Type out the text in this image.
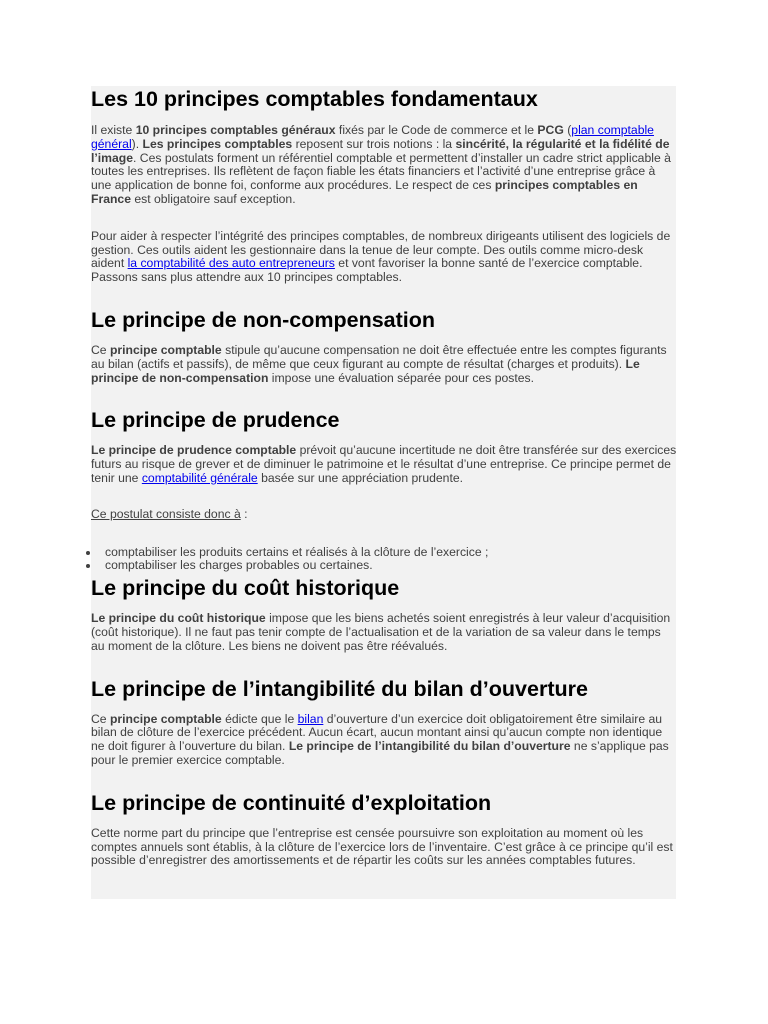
Les 10 principes comptables fondamentaux

Il existe 10 principes comptables généraux fixés par le Code de commerce et le PCG (plan comptable général). Les principes comptables reposent sur trois notions : la sincérité, la régularité et la fidélité de l’image. Ces postulats forment un référentiel comptable et permettent d’installer un cadre strict applicable à toutes les entreprises. Ils reflètent de façon fiable les états financiers et l’activité d’une entreprise grâce à une application de bonne foi, conforme aux procédures. Le respect de ces principes comptables en France est obligatoire sauf exception.

Pour aider à respecter l’intégrité des principes comptables, de nombreux dirigeants utilisent des logiciels de gestion. Ces outils aident les gestionnaire dans la tenue de leur compte. Des outils comme micro-desk aident la comptabilité des auto entrepreneurs et vont favoriser la bonne santé de l’exercice comptable. Passons sans plus attendre aux 10 principes comptables.

Le principe de non-compensation

Ce principe comptable stipule qu’aucune compensation ne doit être effectuée entre les comptes figurants au bilan (actifs et passifs), de même que ceux figurant au compte de résultat (charges et produits). Le principe de non-compensation impose une évaluation séparée pour ces postes.

Le principe de prudence

Le principe de prudence comptable prévoit qu’aucune incertitude ne doit être transférée sur des exercices futurs au risque de grever et de diminuer le patrimoine et le résultat d’une entreprise. Ce principe permet de tenir une comptabilité générale basée sur une appréciation prudente.

Ce postulat consiste donc à :

comptabiliser les produits certains et réalisés à la clôture de l’exercice ;
comptabiliser les charges probables ou certaines.
Le principe du coût historique

Le principe du coût historique impose que les biens achetés soient enregistrés à leur valeur d’acquisition (coût historique). Il ne faut pas tenir compte de l’actualisation et de la variation de sa valeur dans le temps au moment de la clôture. Les biens ne doivent pas être réévalués.

Le principe de l’intangibilité du bilan d’ouverture

Ce principe comptable édicte que le bilan d’ouverture d’un exercice doit obligatoirement être similaire au bilan de clôture de l’exercice précédent. Aucun écart, aucun montant ainsi qu’aucun compte non identique ne doit figurer à l’ouverture du bilan. Le principe de l’intangibilité du bilan d’ouverture ne s’applique pas pour le premier exercice comptable.

Le principe de continuité d’exploitation

Cette norme part du principe que l’entreprise est censée poursuivre son exploitation au moment où les comptes annuels sont établis, à la clôture de l’exercice lors de l’inventaire. C’est grâce à ce principe qu’il est possible d’enregistrer des amortissements et de répartir les coûts sur les années comptables futures.
